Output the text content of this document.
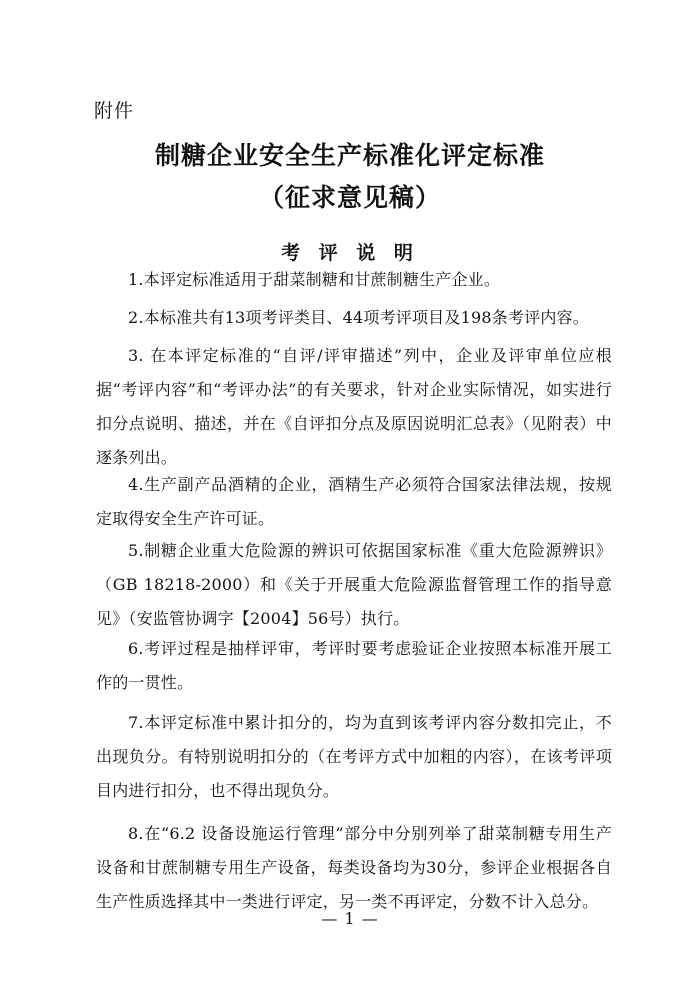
附件
制糖企业安全生产标准化评定标准
（征求意见稿）
考 评 说 明
1.本评定标准适用于甜菜制糖和甘蔗制糖生产企业。
2.本标准共有13项考评类目、44项考评项目及198条考评内容。
3. 在本评定标准的“自评/评审描述”列中，企业及评审单位应根据“考评内容”和“考评办法”的有关要求，针对企业实际情况，如实进行扣分点说明、描述，并在《自评扣分点及原因说明汇总表》（见附表）中逐条列出。
4.生产副产品酒精的企业，酒精生产必须符合国家法律法规，按规定取得安全生产许可证。
5.制糖企业重大危险源的辨识可依据国家标准《重大危险源辨识》（GB 18218-2000）和《关于开展重大危险源监督管理工作的指导意见》（安监管协调字【2004】56号）执行。
6.考评过程是抽样评审，考评时要考虑验证企业按照本标准开展工作的一贯性。
7.本评定标准中累计扣分的，均为直到该考评内容分数扣完止，不出现负分。有特别说明扣分的（在考评方式中加粗的内容），在该考评项目内进行扣分，也不得出现负分。
8.在“6.2 设备设施运行管理”部分中分别列举了甜菜制糖专用生产设备和甘蔗制糖专用生产设备，每类设备均为30分，参评企业根据各自生产性质选择其中一类进行评定，另一类不再评定，分数不计入总分。
— 1 —
